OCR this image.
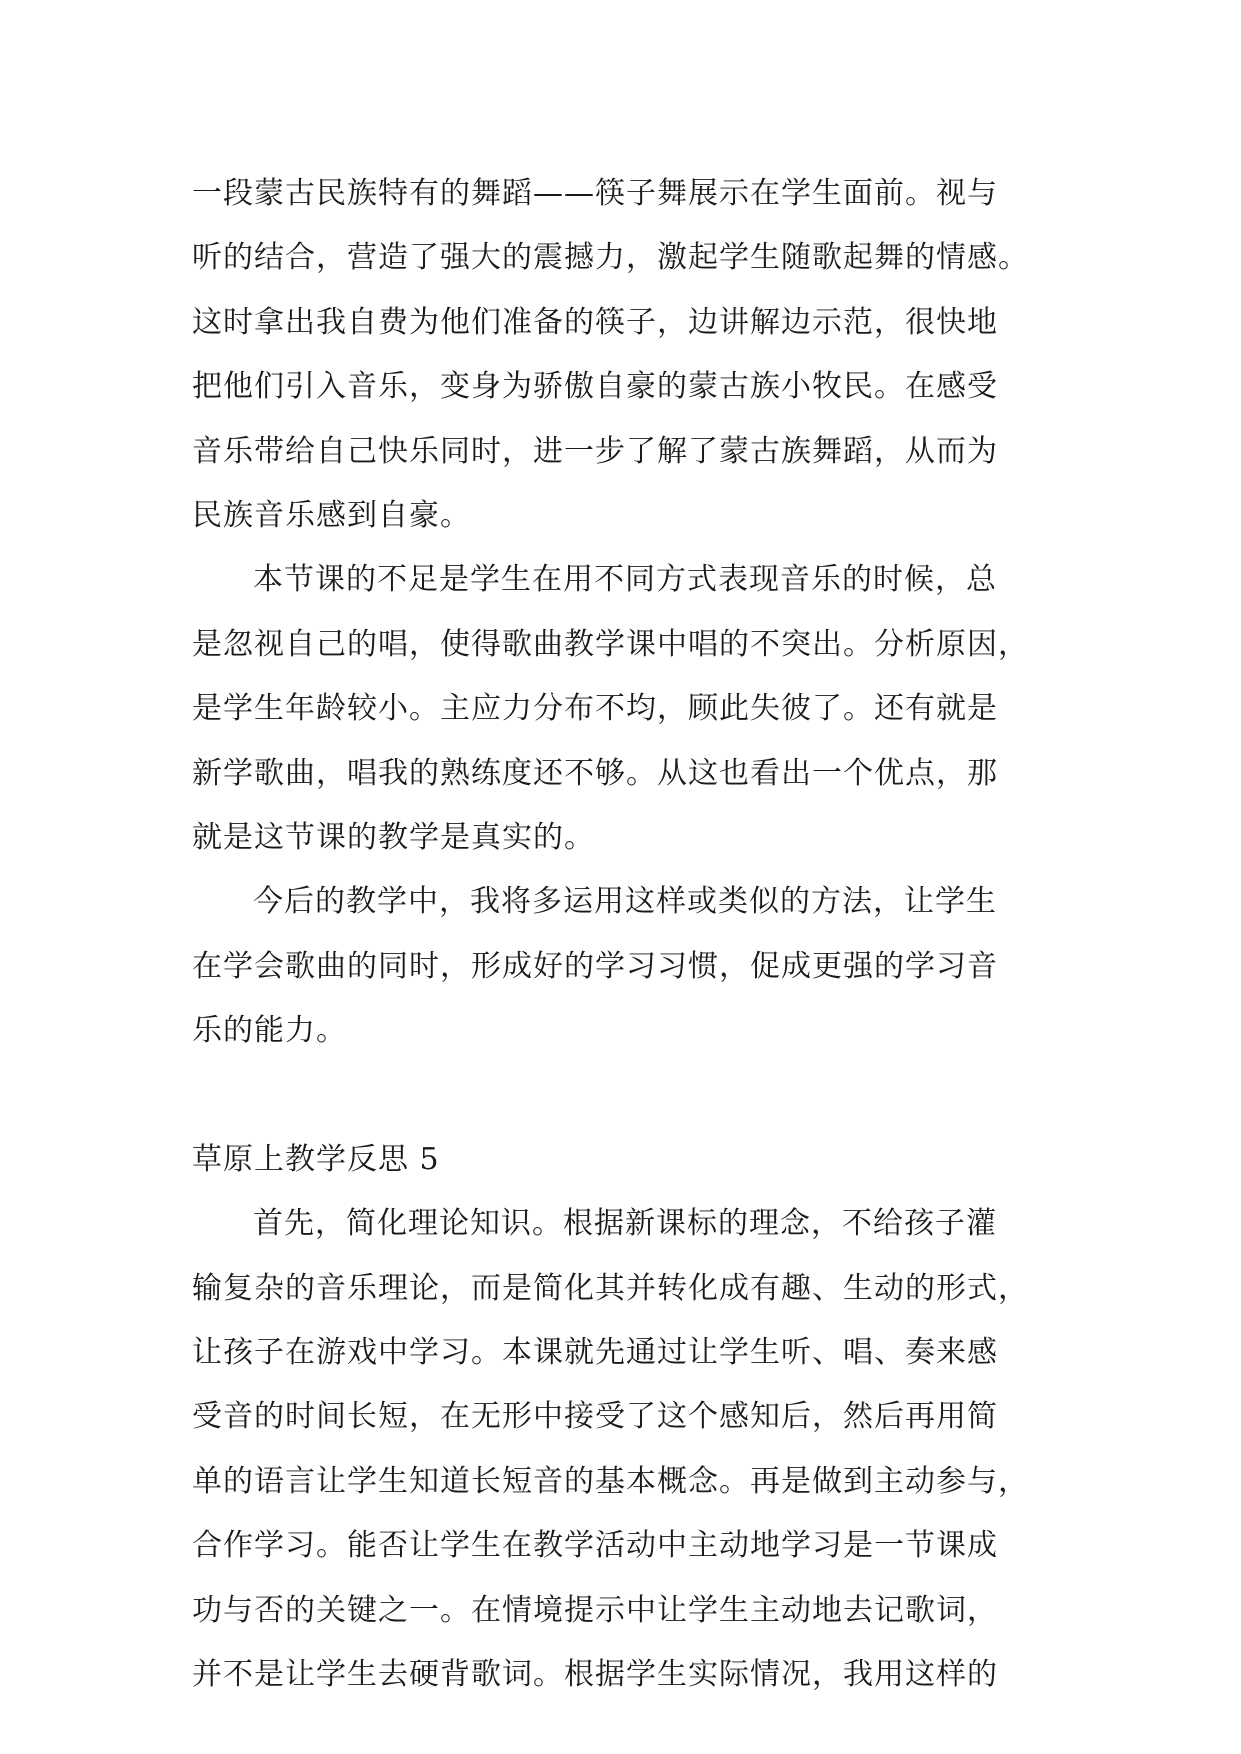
一段蒙古民族特有的舞蹈——筷子舞展示在学生面前。视与
听的结合，营造了强大的震撼力，激起学生随歌起舞的情感。
这时拿出我自费为他们准备的筷子，边讲解边示范，很快地
把他们引入音乐，变身为骄傲自豪的蒙古族小牧民。在感受
音乐带给自己快乐同时，进一步了解了蒙古族舞蹈，从而为
民族音乐感到自豪。
本节课的不足是学生在用不同方式表现音乐的时候，总
是忽视自己的唱，使得歌曲教学课中唱的不突出。分析原因，
是学生年龄较小。主应力分布不均，顾此失彼了。还有就是
新学歌曲，唱我的熟练度还不够。从这也看出一个优点，那
就是这节课的教学是真实的。
今后的教学中，我将多运用这样或类似的方法，让学生
在学会歌曲的同时，形成好的学习习惯，促成更强的学习音
乐的能力。
草原上教学反思 5
首先，简化理论知识。根据新课标的理念，不给孩子灌
输复杂的音乐理论，而是简化其并转化成有趣、生动的形式，
让孩子在游戏中学习。本课就先通过让学生听、唱、奏来感
受音的时间长短，在无形中接受了这个感知后，然后再用简
单的语言让学生知道长短音的基本概念。再是做到主动参与，
合作学习。能否让学生在教学活动中主动地学习是一节课成
功与否的关键之一。在情境提示中让学生主动地去记歌词，
并不是让学生去硬背歌词。根据学生实际情况，我用这样的
